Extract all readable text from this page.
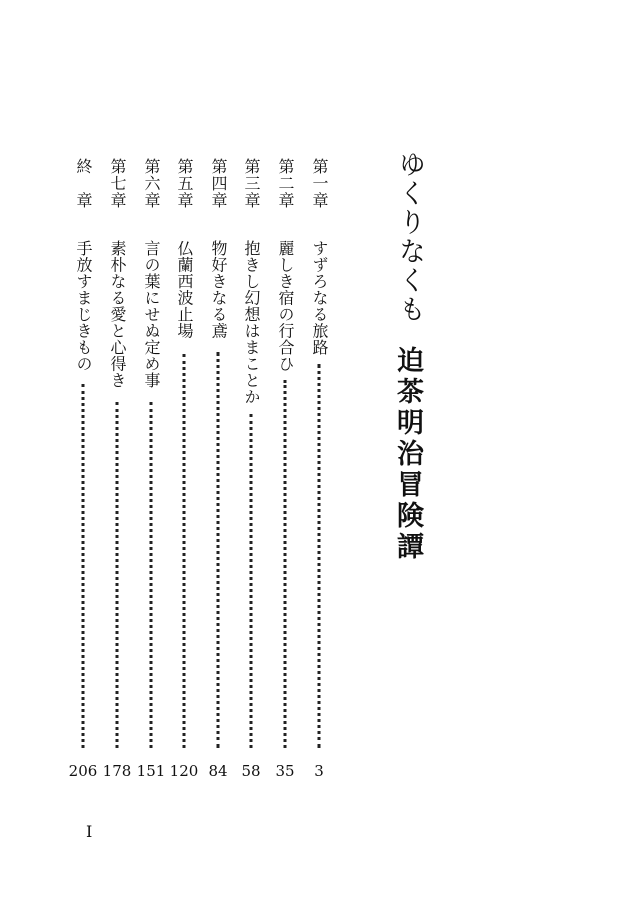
ゆくりなくも
迫茶明治冒険譚
第一章
すずろなる旅路
3
第二章
麗しき宿の行合ひ
35
第三章
抱きし幻想はまことか
58
第四章
物好きなる鳶
84
第五章
仏蘭西波止場
120
第六章
言の葉にせぬ定め事
151
第七章
素朴なる愛と心得き
178
終　章
手放すまじきもの
206
I
